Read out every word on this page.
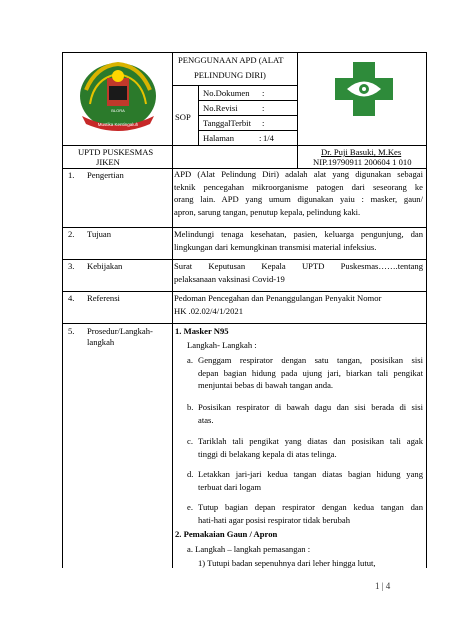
Mustika Kentingaluh
BLORA
PENGGUNAAN APD (ALAT
PELINDUNG DIRI)
SOP
No.Dokumen :
No.Revisi	:
TanggalTerbit :
Halaman	: 1/4
UPTD PUSKESMAS
JIKEN
Dr. Puji Basuki, M.Kes
NIP.19790911 200604 1 010
1. Pengertian	APD (Alat Pelindung Diri) adalah alat yang digunakan sebagai
teknik pencegahan mikroorganisme patogen dari seseorang ke
orang lain. APD yang umum digunakan yaiu : masker, gaun/
apron, sarung tangan, penutup kepala, pelindung kaki.
2. Tujuan	Melindungi tenaga kesehatan, pasien, keluarga pengunjung, dan
lingkungan dari kemungkinan transmisi material infeksius.
3. Kebijakan	Surat Keputusan Kepala UPTD Puskesmas…….tentang
pelaksanaan vaksinasi Covid-19
4. Referensi	Pedoman Pencegahan dan Penanggulangan Penyakit Nomor
HK .02.02/4/1/2021
5. Prosedur/Langkah-
langkah
1. Masker N95
Langkah- Langkah :
a. Genggam respirator dengan satu tangan, posisikan sisi
depan bagian hidung pada ujung jari, biarkan tali pengikat
menjuntai bebas di bawah tangan anda.
b. Posisikan respirator di bawah dagu dan sisi berada di sisi
atas.
c. Tariklah tali pengikat yang diatas dan posisikan tali agak
tinggi di belakang kepala di atas telinga.
d. Letakkan jari-jari kedua tangan diatas bagian hidung yang
terbuat dari logam
e. Tutup bagian depan respirator dengan kedua tangan dan
hati-hati agar posisi respirator tidak berubah
2. Pemakaian Gaun / Apron
a. Langkah – langkah pemasangan :
1) Tutupi badan sepenuhnya dari leher hingga lutut,
1 | 4
